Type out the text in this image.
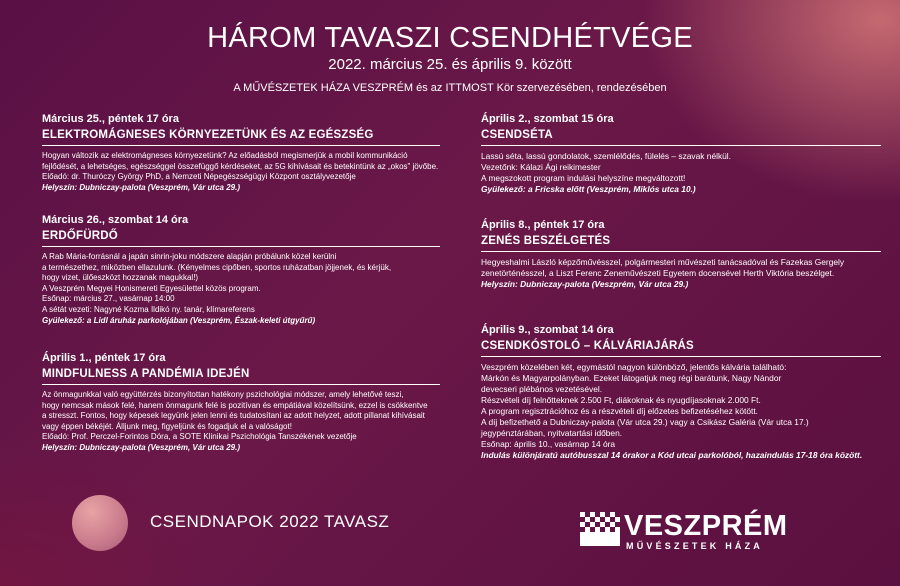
HÁROM TAVASZI CSENDHÉTVÉGE
2022. március 25. és április 9. között
A MŰVÉSZETEK HÁZA VESZPRÉM és az ITTMOST Kör szervezésében, rendezésében
Március 25., péntek 17 óra
ELEKTROMÁGNESES KÖRNYEZETÜNK ÉS AZ EGÉSZSÉG

Hogyan változik az elektromágneses környezetünk? Az előadásból megismerjük a mobil kommunikáció

fejlődését, a lehetséges, egészséggel összefüggő kérdéseket, az 5G kihívásait és betekintünk az „okos” jövőbe.

Előadó: dr. Thuróczy György PhD, a Nemzeti Népegészségügyi Központ osztályvezetője

Helyszín: Dubniczay-palota (Veszprém, Vár utca 29.)

Március 26., szombat 14 óra
ERDŐFÜRDŐ

A Rab Mária-forrásnál a japán sinrin-joku módszere alapján próbálunk közel kerülni

a természethez, miközben ellazulunk. (Kényelmes cipőben, sportos ruházatban jöjjenek, és kérjük,

hogy vizet, ülőeszközt hozzanak magukkal!)

A Veszprém Megyei Honismereti Egyesülettel közös program.

Esőnap: március 27., vasárnap 14:00

A sétát vezeti: Nagyné Kozma Ildikó ny. tanár, klímareferens

Gyülekező: a Lidl áruház parkolójában (Veszprém, Észak-keleti útgyűrű)

Április 1., péntek 17 óra
MINDFULNESS A PANDÉMIA IDEJÉN

Az önmagunkkal való együttérzés bizonyítottan hatékony pszichológiai módszer, amely lehetővé teszi,

hogy nemcsak mások felé, hanem önmagunk felé is pozitívan és empátiával közelítsünk, ezzel is csökkentve

a stresszt. Fontos, hogy képesek legyünk jelen lenni és tudatosítani az adott helyzet, adott pillanat kihívásait

vagy éppen békéjét. Álljunk meg, figyeljünk és fogadjuk el a valóságot!

Előadó: Prof. Perczel-Forintos Dóra, a SOTE Klinikai Pszichológia Tanszékének vezetője

Helyszín: Dubniczay-palota (Veszprém, Vár utca 29.)

Április 2., szombat 15 óra
CSENDSÉTA

Lassú séta, lassú gondolatok, szemlélődés, fülelés – szavak nélkül.

Vezetőnk: Kálazi Ági reikimester

A megszokott program indulási helyszíne megváltozott!

Gyülekező: a Fricska előtt (Veszprém, Miklós utca 10.)

Április 8., péntek 17 óra
ZENÉS BESZÉLGETÉS

Hegyeshalmi László képzőművésszel, polgármesteri művészeti tanácsadóval és Fazekas Gergely

zenetörténésszel, a Liszt Ferenc Zeneművészeti Egyetem docensével Herth Viktória beszélget.

Helyszín: Dubniczay-palota (Veszprém, Vár utca 29.)

Április 9., szombat 14 óra
CSENDKÓSTOLÓ – KÁLVÁRIAJÁRÁS

Veszprém közelében két, egymástól nagyon különböző, jelentős kálvária található:

Márkón és Magyarpolányban. Ezeket látogatjuk meg régi barátunk, Nagy Nándor

devecseri plébános vezetésével.

Részvételi díj felnőtteknek 2.500 Ft, diákoknak és nyugdíjasoknak 2.000 Ft.

A program regisztrációhoz és a részvételi díj előzetes befizetéséhez kötött.

A díj befizethető a Dubniczay-palota (Vár utca 29.) vagy a Csikász Galéria (Vár utca 17.)

jegypénztárában, nyitvatartási időben.

Esőnap: április 10., vasárnap 14 óra

Indulás különjáratú autóbusszal 14 órakor a Kód utcai parkolóból, hazaindulás 17-18 óra között.

CSENDNAPOK 2022 TAVASZ	VESZPRÉM
MŰVÉSZETEK HÁZA
